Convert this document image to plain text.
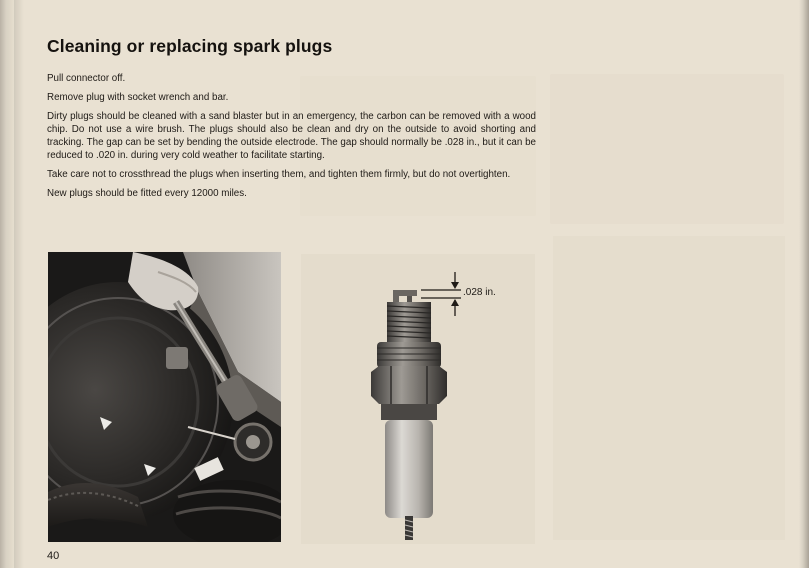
Cleaning or replacing spark plugs

Pull connector off.

Remove plug with socket wrench and bar.

Dirty plugs should be cleaned with a sand blaster but in an emergency, the carbon can be removed with a wood chip. Do not use a wire brush. The plugs should also be clean and dry on the outside to avoid shorting and tracking. The gap can be set by bending the outside electrode. The gap should normally be .028 in., but it can be reduced to .020 in. during very cold weather to facilitate starting.

Take care not to crossthread the plugs when inserting them, and tighten them firmly, but do not overtighten.

New plugs should be fitted every 12000 miles.

.028 in.
40
